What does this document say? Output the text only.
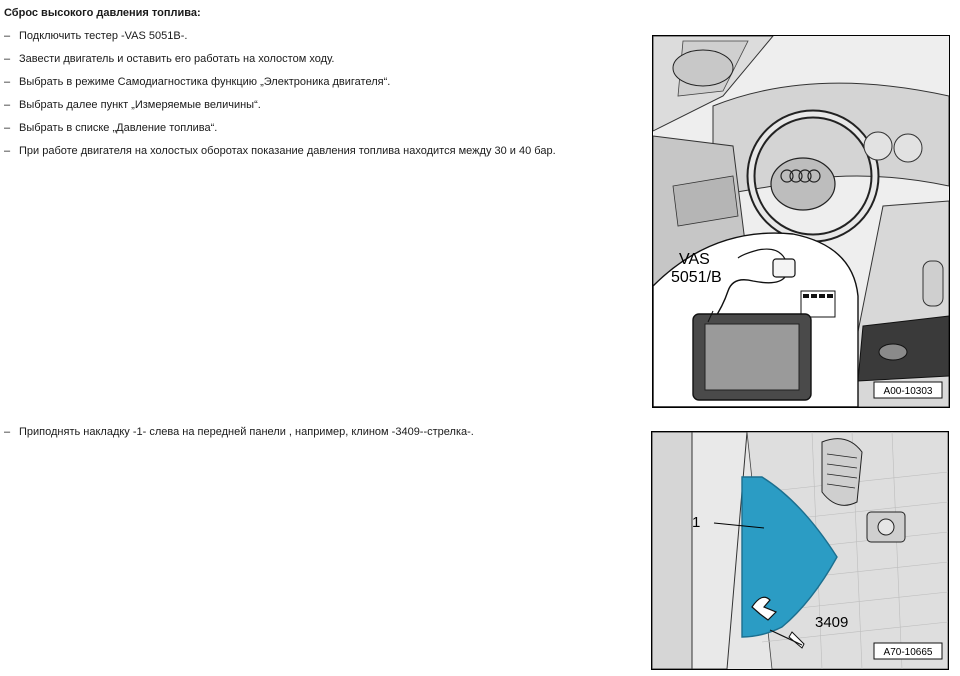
Сброс высокого давления топлива:
– Подключить тестер -VAS 5051B-.
– Завести двигатель и оставить его работать на холостом ходу.
– Выбрать в режиме Самодиагностика функцию „Электроника двигателя“.
– Выбрать далее пункт „Измеряемые величины“.
– Выбрать в списке „Давление топлива“.
– При работе двигателя на холостых оборотах показание давления топлива находится между 30 и 40 бар.
– Приподнять накладку -1- слева на передней панели , например, клином -3409--стрелка-.
VAS
5051/B
A00-10303
1
3409
A70-10665
